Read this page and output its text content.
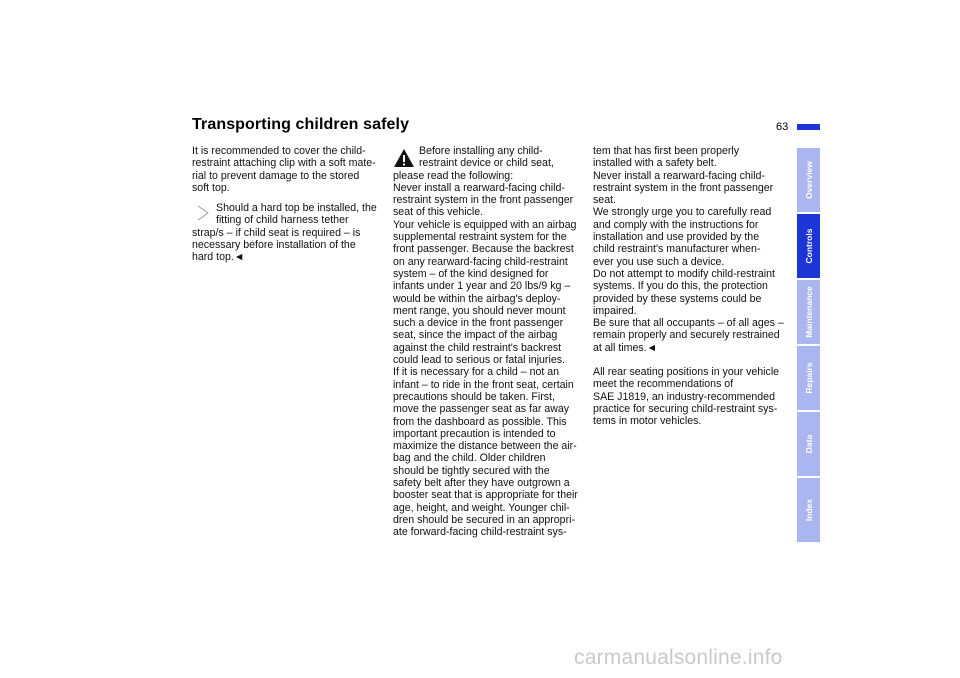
Transporting children safely	63

It is recommended to cover the child-
restraint attaching clip with a soft mate-
rial to prevent damage to the stored
soft top.

Should a hard top be installed, the
fitting of child harness tether

strap/s – if child seat is required – is
necessary before installation of the
hard top.◄

Before installing any child-
restraint device or child seat,

please read the following:
Never install a rearward-facing child-
restraint system in the front passenger
seat of this vehicle.
Your vehicle is equipped with an airbag
supplemental restraint system for the
front passenger. Because the backrest
on any rearward-facing child-restraint
system – of the kind designed for
infants under 1 year and 20 lbs/9 kg –
would be within the airbag's deploy-
ment range, you should never mount
such a device in the front passenger
seat, since the impact of the airbag
against the child restraint's backrest
could lead to serious or fatal injuries.
If it is necessary for a child – not an
infant – to ride in the front seat, certain
precautions should be taken. First,
move the passenger seat as far away
from the dashboard as possible. This
important precaution is intended to
maximize the distance between the air-
bag and the child. Older children
should be tightly secured with the
safety belt after they have outgrown a
booster seat that is appropriate for their
age, height, and weight. Younger chil-
dren should be secured in an appropri-
ate forward-facing child-restraint sys-

tem that has first been properly
installed with a safety belt.
Never install a rearward-facing child-
restraint system in the front passenger
seat.
We strongly urge you to carefully read
and comply with the instructions for
installation and use provided by the
child restraint's manufacturer when-
ever you use such a device.
Do not attempt to modify child-restraint
systems. If you do this, the protection
provided by these systems could be
impaired.
Be sure that all occupants – of all ages –
remain properly and securely restrained
at all times.◄

All rear seating positions in your vehicle
meet the recommendations of
SAE J1819, an industry-recommended
practice for securing child-restraint sys-
tems in motor vehicles.

Overview
Controls
Maintenance
Repairs
Data
Index
carmanualsonline.info
